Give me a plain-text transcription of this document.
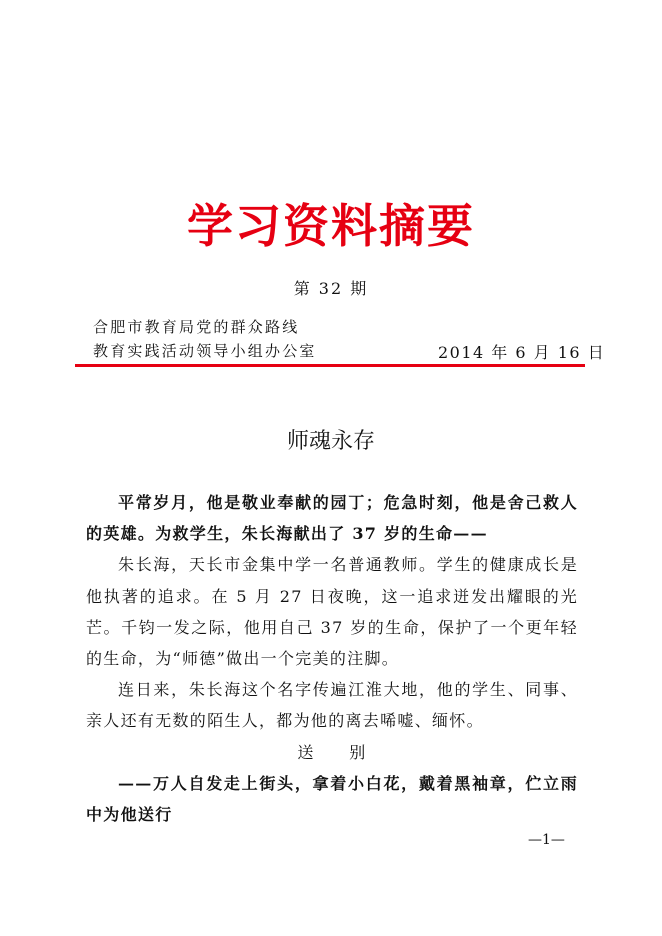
学习资料摘要
第 32 期
合肥市教育局党的群众路线
教育实践活动领导小组办公室	2014 年 6 月 16 日
师魂永存

平常岁月，他是敬业奉献的园丁；危急时刻，他是舍己救人的英雄。为救学生，朱长海献出了 37 岁的生命——

朱长海，天长市金集中学一名普通教师。学生的健康成长是他执著的追求。在 5 月 27 日夜晚，这一追求迸发出耀眼的光芒。千钧一发之际，他用自己 37 岁的生命，保护了一个更年轻的生命，为“师德”做出一个完美的注脚。

连日来，朱长海这个名字传遍江淮大地，他的学生、同事、亲人还有无数的陌生人，都为他的离去唏嘘、缅怀。

送　　别

——万人自发走上街头，拿着小白花，戴着黑袖章，伫立雨中为他送行

—1—
